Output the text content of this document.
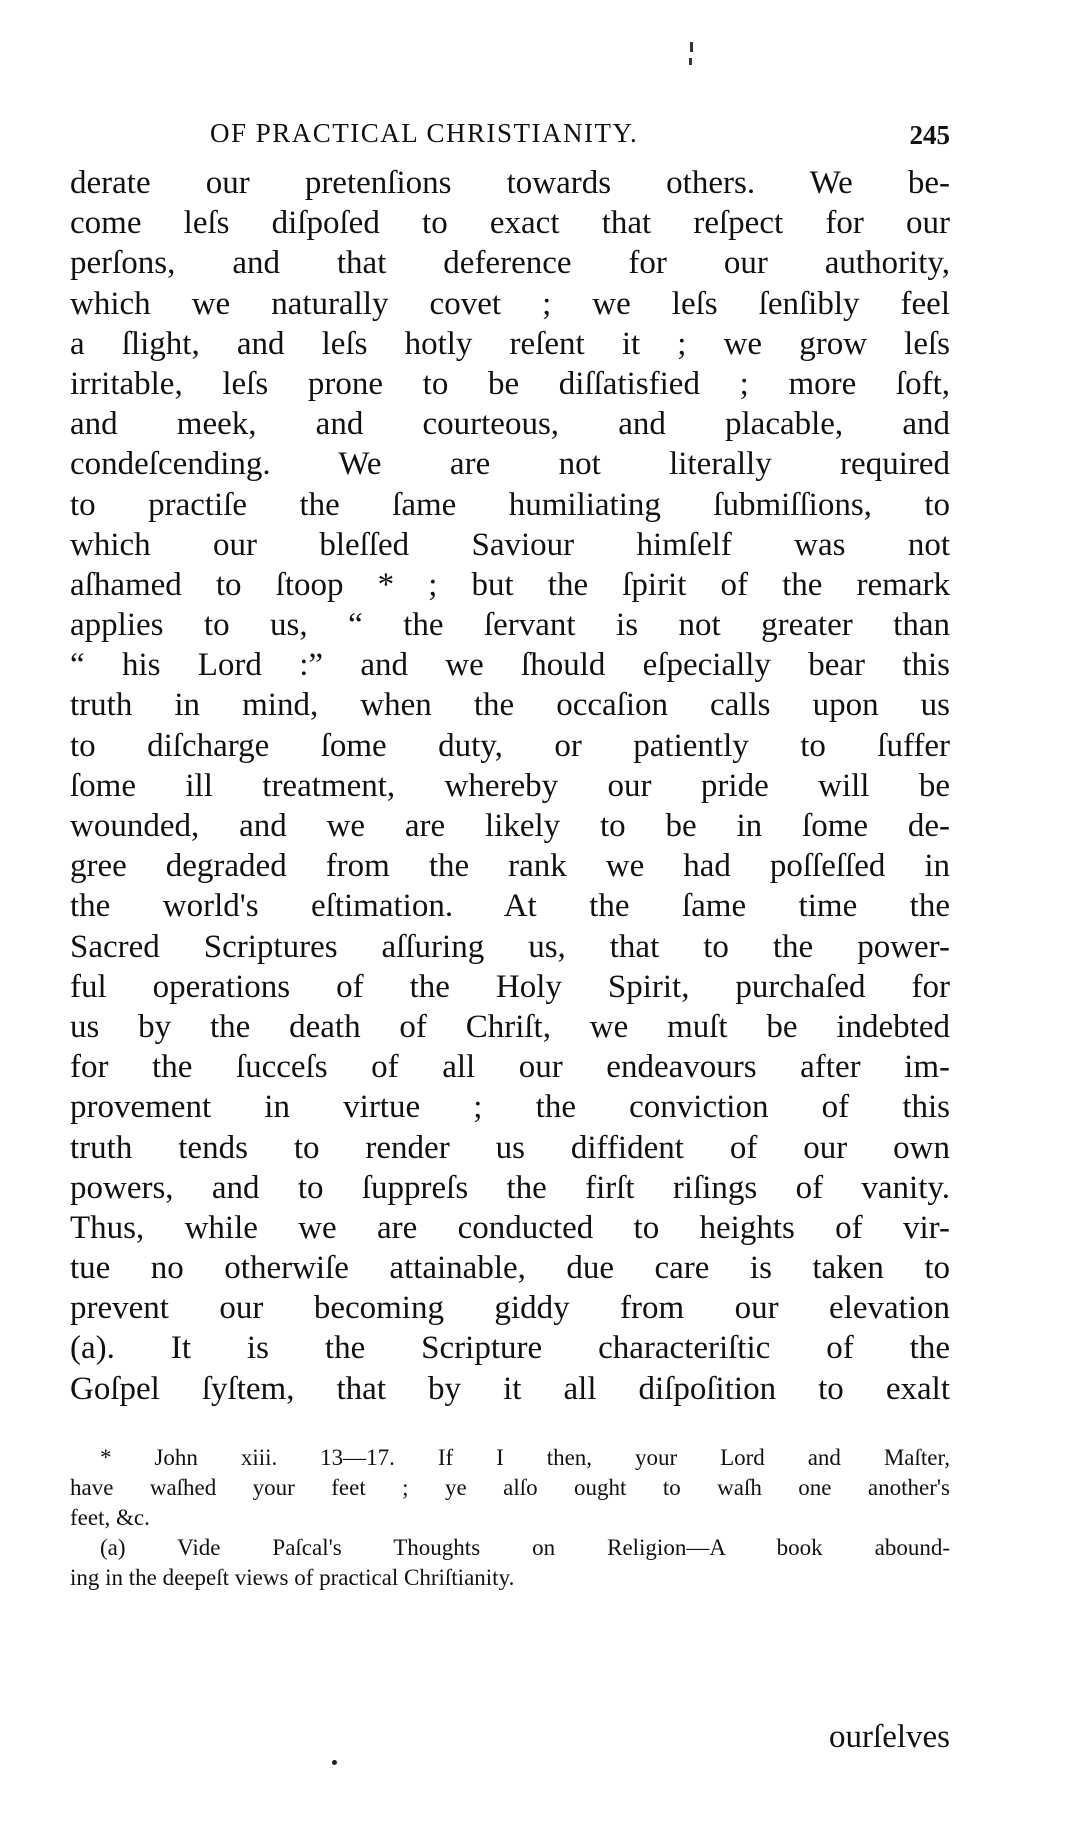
OF PRACTICAL CHRISTIANITY.	245
derate our pretenſions towards others. We be-
come leſs diſpoſed to exact that reſpect for our
perſons, and that deference for our authority,
which we naturally covet ; we leſs ſenſibly feel
a ſlight, and leſs hotly reſent it ; we grow leſs
irritable, leſs prone to be diſſatisfied ; more ſoft,
and meek, and courteous, and placable, and
condeſcending. We are not literally required
to practiſe the ſame humiliating ſubmiſſions, to
which our bleſſed Saviour himſelf was not
aſhamed to ſtoop * ; but the ſpirit of the remark
applies to us, “ the ſervant is not greater than
“ his Lord :” and we ſhould eſpecially bear this
truth in mind, when the occaſion calls upon us
to diſcharge ſome duty, or patiently to ſuffer
ſome ill treatment, whereby our pride will be
wounded, and we are likely to be in ſome de-
gree degraded from the rank we had poſſeſſed in
the world's eſtimation. At the ſame time the
Sacred Scriptures aſſuring us, that to the power-
ful operations of the Holy Spirit, purchaſed for
us by the death of Chriſt, we muſt be indebted
for the ſucceſs of all our endeavours after im-
provement in virtue ; the conviction of this
truth tends to render us diffident of our own
powers, and to ſuppreſs the firſt riſings of vanity.
Thus, while we are conducted to heights of vir-
tue no otherwiſe attainable, due care is taken to
prevent our becoming giddy from our elevation
(a). It is the Scripture characteriſtic of the
Goſpel ſyſtem, that by it all diſpoſition to exalt
* John xiii. 13—17. If I then, your Lord and Maſter,
have waſhed your feet ; ye alſo ought to waſh one another's
feet, &c.
(a) Vide Paſcal's Thoughts on Religion—A book abound-
ing in the deepeſt views of practical Chriſtianity.
ourſelves
